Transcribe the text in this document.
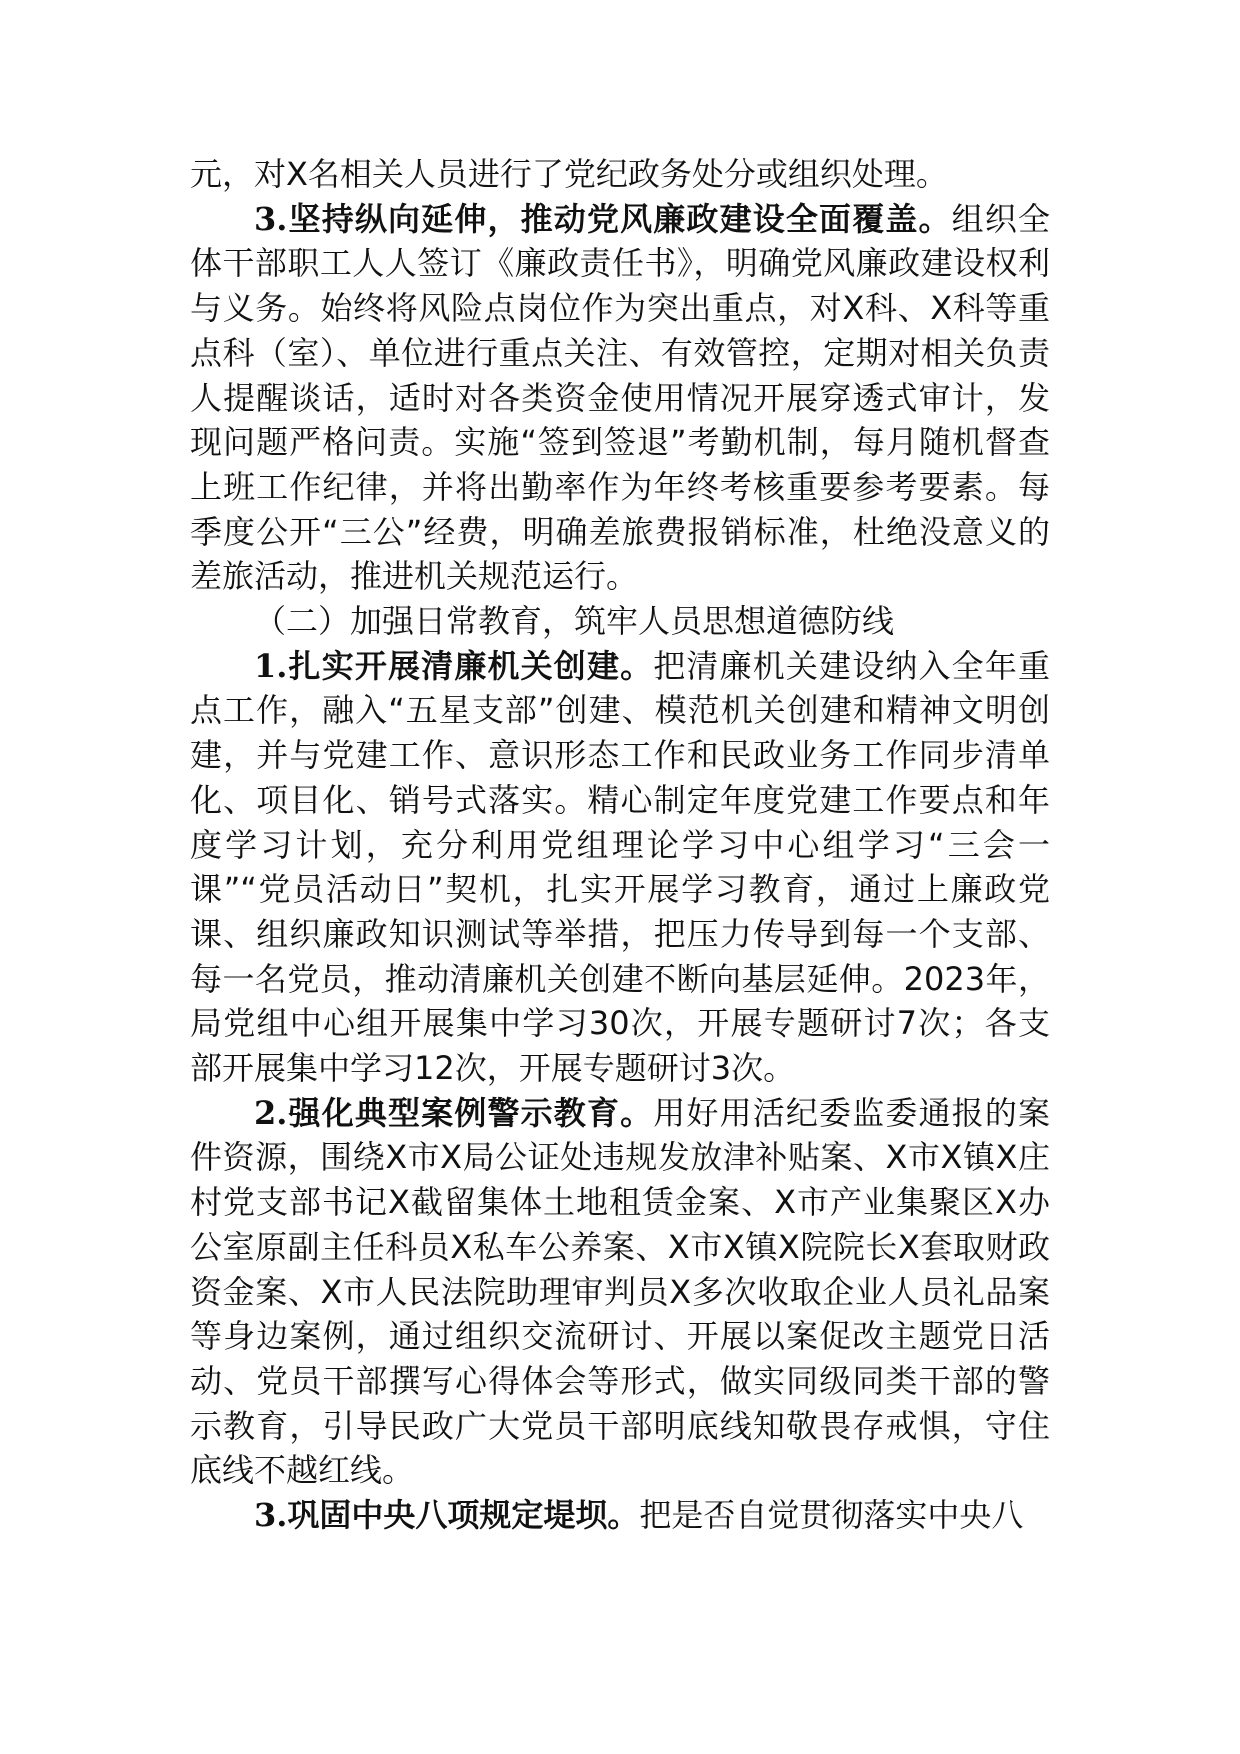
元，对X名相关人员进行了党纪政务处分或组织处理。

3.坚持纵向延伸，推动党风廉政建设全面覆盖。组织全体干部职工人人签订《廉政责任书》，明确党风廉政建设权利与义务。始终将风险点岗位作为突出重点，对X科、X科等重点科（室）、单位进行重点关注、有效管控，定期对相关负责人提醒谈话，适时对各类资金使用情况开展穿透式审计，发现问题严格问责。实施“签到签退”考勤机制，每月随机督查上班工作纪律，并将出勤率作为年终考核重要参考要素。每季度公开“三公”经费，明确差旅费报销标准，杜绝没意义的差旅活动，推进机关规范运行。

（二）加强日常教育，筑牢人员思想道德防线

1.扎实开展清廉机关创建。把清廉机关建设纳入全年重点工作，融入“五星支部”创建、模范机关创建和精神文明创建，并与党建工作、意识形态工作和民政业务工作同步清单化、项目化、销号式落实。精心制定年度党建工作要点和年度学习计划，充分利用党组理论学习中心组学习“三会一课”“党员活动日”契机，扎实开展学习教育，通过上廉政党课、组织廉政知识测试等举措，把压力传导到每一个支部、每一名党员，推动清廉机关创建不断向基层延伸。2023年，局党组中心组开展集中学习30次，开展专题研讨7次；各支部开展集中学习12次，开展专题研讨3次。

2.强化典型案例警示教育。用好用活纪委监委通报的案件资源，围绕X市X局公证处违规发放津补贴案、X市X镇X庄村党支部书记X截留集体土地租赁金案、X市产业集聚区X办公室原副主任科员X私车公养案、X市X镇X院院长X套取财政资金案、X市人民法院助理审判员X多次收取企业人员礼品案等身边案例，通过组织交流研讨、开展以案促改主题党日活动、党员干部撰写心得体会等形式，做实同级同类干部的警示教育，引导民政广大党员干部明底线知敬畏存戒惧，守住底线不越红线。

3.巩固中央八项规定堤坝。把是否自觉贯彻落实中央八
